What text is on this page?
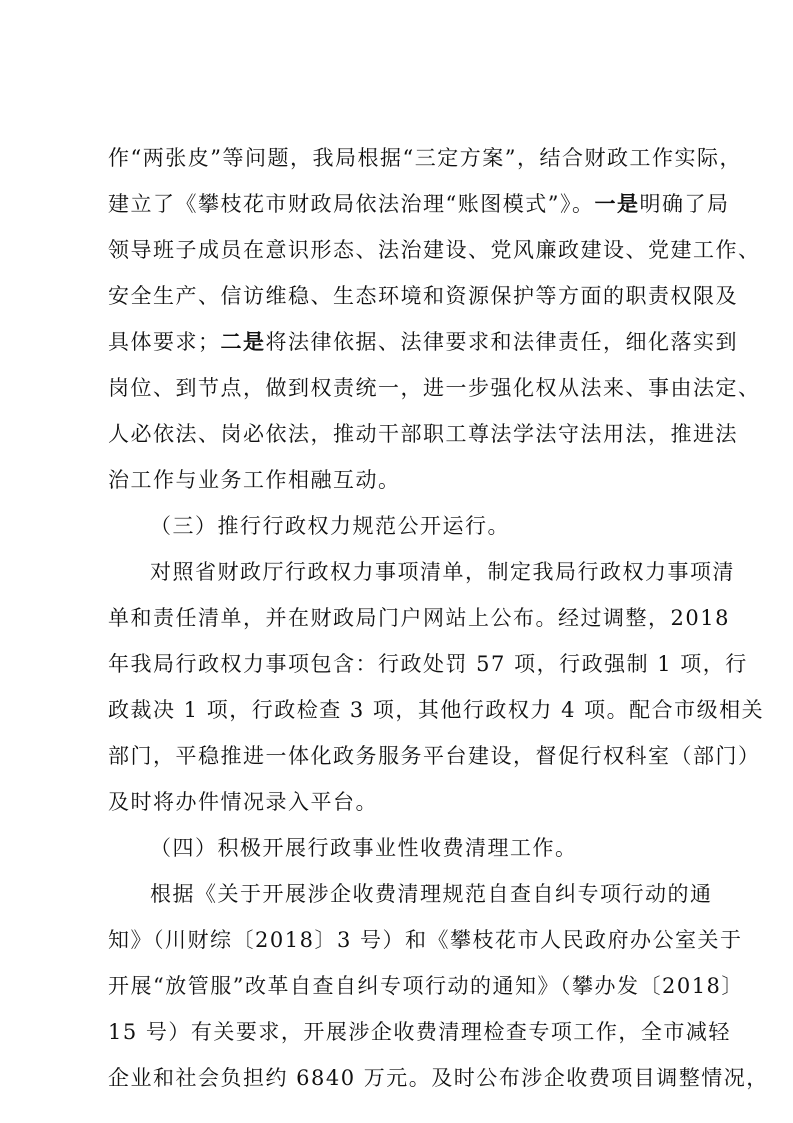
作“两张皮”等问题，我局根据“三定方案”，结合财政工作实际，
建立了《攀枝花市财政局依法治理“账图模式”》。一是明确了局
领导班子成员在意识形态、法治建设、党风廉政建设、党建工作、
安全生产、信访维稳、生态环境和资源保护等方面的职责权限及
具体要求；二是将法律依据、法律要求和法律责任，细化落实到
岗位、到节点，做到权责统一，进一步强化权从法来、事由法定、
人必依法、岗必依法，推动干部职工尊法学法守法用法，推进法
治工作与业务工作相融互动。
（三）推行行政权力规范公开运行。
对照省财政厅行政权力事项清单，制定我局行政权力事项清
单和责任清单，并在财政局门户网站上公布。经过调整，2018
年我局行政权力事项包含：行政处罚 57 项，行政强制 1 项，行
政裁决 1 项，行政检查 3 项，其他行政权力 4 项。配合市级相关
部门，平稳推进一体化政务服务平台建设，督促行权科室（部门）
及时将办件情况录入平台。
（四）积极开展行政事业性收费清理工作。
根据《关于开展涉企收费清理规范自查自纠专项行动的通
知》（川财综〔2018〕3 号）和《攀枝花市人民政府办公室关于
开展“放管服”改革自查自纠专项行动的通知》（攀办发〔2018〕
15 号）有关要求，开展涉企收费清理检查专项工作，全市减轻
企业和社会负担约 6840 万元。及时公布涉企收费项目调整情况，
